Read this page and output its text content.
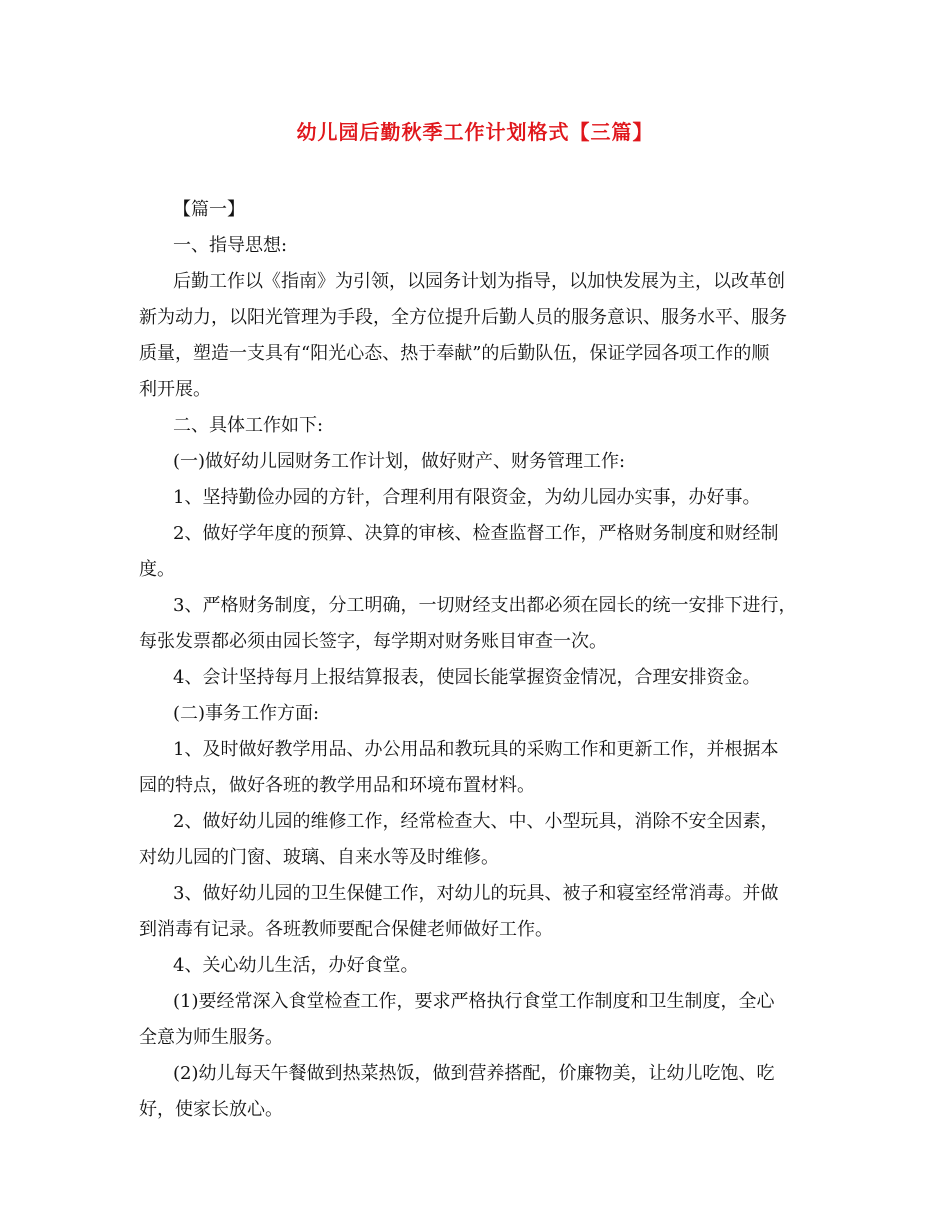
幼儿园后勤秋季工作计划格式【三篇】
【篇一】
一、指导思想:
后勤工作以《指南》为引领，以园务计划为指导，以加快发展为主，以改革创
新为动力，以阳光管理为手段，全方位提升后勤人员的服务意识、服务水平、服务
质量，塑造一支具有“阳光心态、热于奉献”的后勤队伍，保证学园各项工作的顺
利开展。
二、具体工作如下:
(一)做好幼儿园财务工作计划，做好财产、财务管理工作:
1、坚持勤俭办园的方针，合理利用有限资金，为幼儿园办实事，办好事。
2、做好学年度的预算、决算的审核、检查监督工作，严格财务制度和财经制
度。
3、严格财务制度，分工明确，一切财经支出都必须在园长的统一安排下进行，
每张发票都必须由园长签字，每学期对财务账目审查一次。
4、会计坚持每月上报结算报表，使园长能掌握资金情况，合理安排资金。
(二)事务工作方面:
1、及时做好教学用品、办公用品和教玩具的采购工作和更新工作，并根据本
园的特点，做好各班的教学用品和环境布置材料。
2、做好幼儿园的维修工作，经常检查大、中、小型玩具，消除不安全因素，
对幼儿园的门窗、玻璃、自来水等及时维修。
3、做好幼儿园的卫生保健工作，对幼儿的玩具、被子和寝室经常消毒。并做
到消毒有记录。各班教师要配合保健老师做好工作。
4、关心幼儿生活，办好食堂。
(1)要经常深入食堂检查工作，要求严格执行食堂工作制度和卫生制度，全心
全意为师生服务。
(2)幼儿每天午餐做到热菜热饭，做到营养搭配，价廉物美，让幼儿吃饱、吃
好，使家长放心。
